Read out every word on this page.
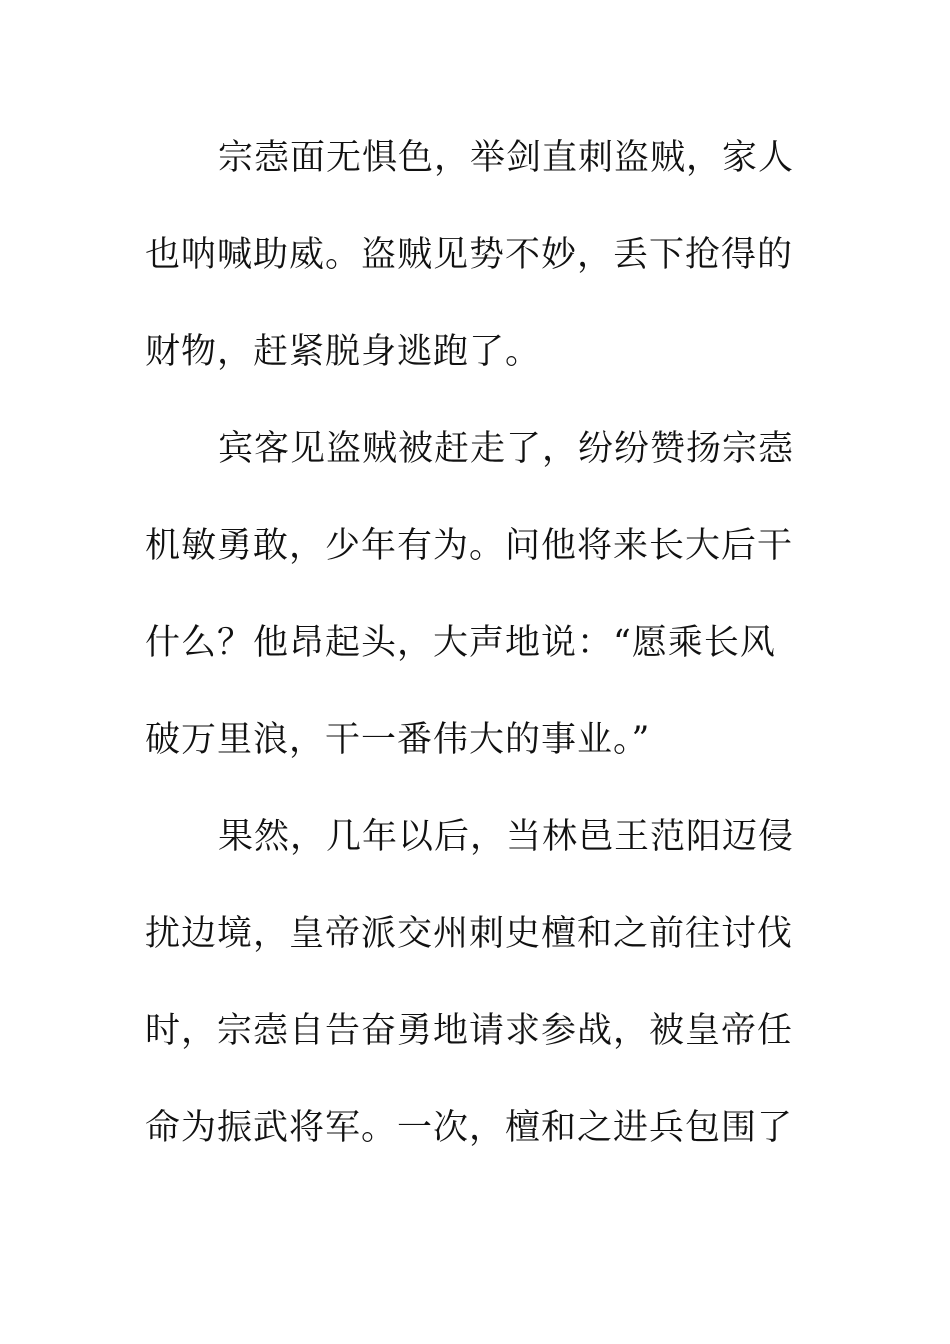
宗悫面无惧色，举剑直刺盗贼，家人
也呐喊助威。盗贼见势不妙，丢下抢得的
财物，赶紧脱身逃跑了。
宾客见盗贼被赶走了，纷纷赞扬宗悫
机敏勇敢，少年有为。问他将来长大后干
什么？他昂起头，大声地说：“愿乘长风
破万里浪，干一番伟大的事业。”
果然，几年以后，当林邑王范阳迈侵
扰边境，皇帝派交州刺史檀和之前往讨伐
时，宗悫自告奋勇地请求参战，被皇帝任
命为振武将军。一次，檀和之进兵包围了
